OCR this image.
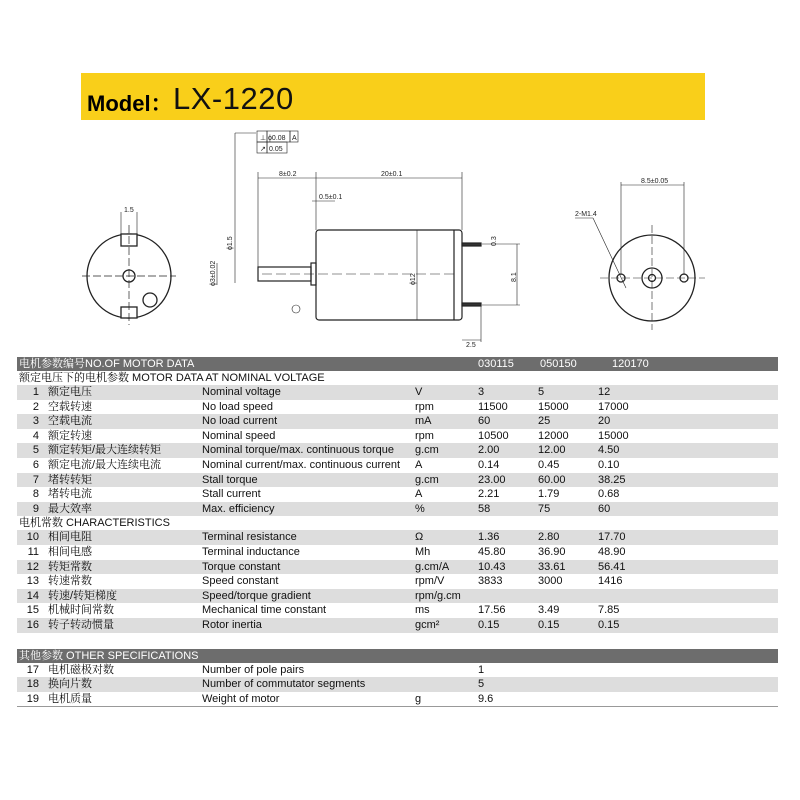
Model： LX-1220
1.5
⊥ ϕ0.08 A
↗ 0.05
8±0.2	20±0.1
0.5±0.1
ϕ1.5
ϕ3±0.02	ϕ12
0.3
8.1
2.5
8.5±0.05
2-M1.4
电机参数编号NO.OF MOTOR DATA	030115 050150	120170
额定电压下的电机参数 MOTOR DATA AT NOMINAL VOLTAGE
1 额定电压	Nominal voltage	V	3	5	12
2 空载转速	No load speed	rpm	11500	15000	17000
3 空载电流	No load current	mA	60	25	20
4 额定转速	Nominal speed	rpm	10500	12000	15000
5 额定转矩/最大连续转矩	Nominal torque/max. continuous torque g.cm	2.00	12.00	4.50
6 额定电流/最大连续电流	Nominal current/max. continuous current A	0.14	0.45	0.10
7 堵转转矩	Stall torque	g.cm	23.00	60.00	38.25
8 堵转电流	Stall current	A	2.21	1.79	0.68
9 最大效率	Max. efficiency	%	58	75	60
电机常数 CHARACTERISTICS
10 相间电阻	Terminal resistance	Ω	1.36	2.80	17.70
11 相间电感	Terminal inductance	Mh	45.80	36.90	48.90
12 转矩常数	Torque constant	g.cm/A	10.43	33.61	56.41
13 转速常数	Speed constant	rpm/V	3833	3000	1416
14 转速/转矩梯度	Speed/torque gradient	rpm/g.cm
15 机械时间常数	Mechanical time constant	ms	17.56	3.49	7.85
16 转子转动惯量	Rotor inertia	gcm²	0.15	0.15	0.15
其他参数 OTHER SPECIFICATIONS
17 电机磁极对数	Number of pole pairs	1
18 换向片数	Number of commutator segments	5
19 电机质量	Weight of motor	g	9.6
